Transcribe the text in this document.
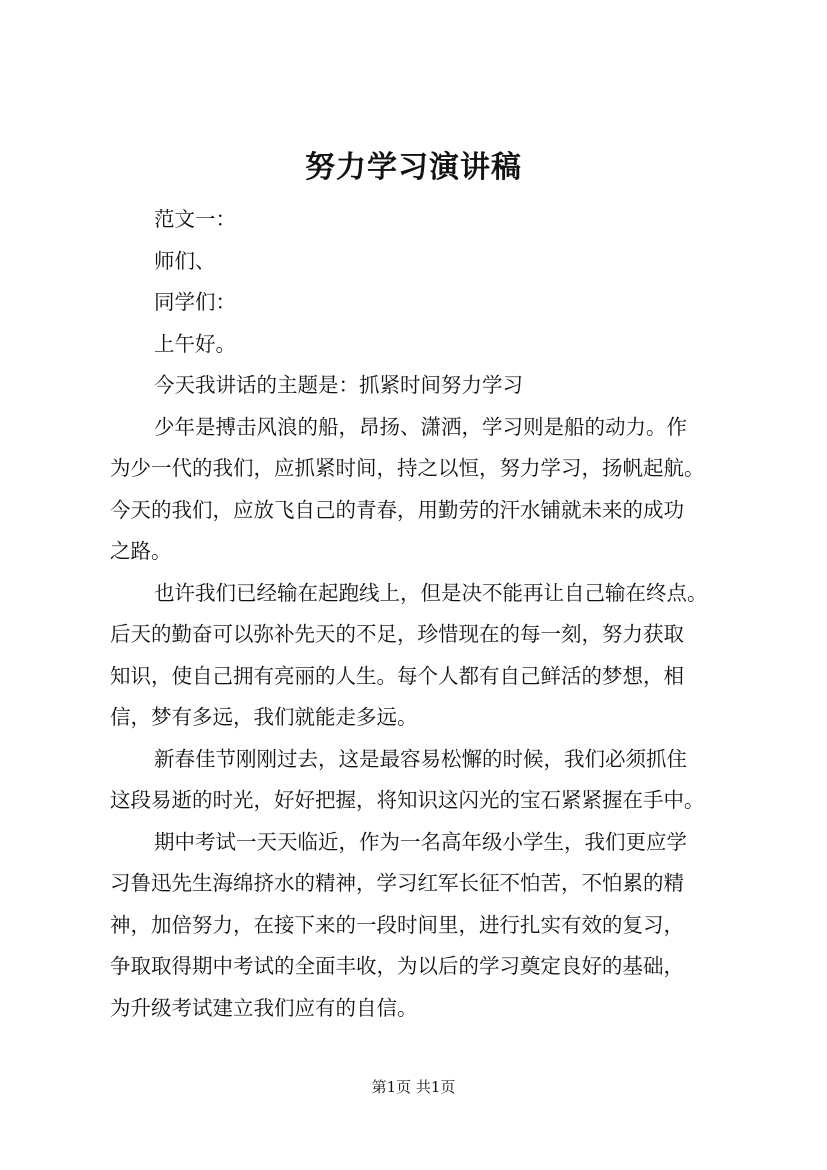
努力学习演讲稿
范文一：
师们、
同学们：
上午好。
今天我讲话的主题是：抓紧时间努力学习
少年是搏击风浪的船，昂扬、潇洒，学习则是船的动力。作
为少一代的我们，应抓紧时间，持之以恒，努力学习，扬帆起航。
今天的我们，应放飞自己的青春，用勤劳的汗水铺就未来的成功
之路。
也许我们已经输在起跑线上，但是决不能再让自己输在终点。
后天的勤奋可以弥补先天的不足，珍惜现在的每一刻，努力获取
知识，使自己拥有亮丽的人生。每个人都有自己鲜活的梦想，相
信，梦有多远，我们就能走多远。
新春佳节刚刚过去，这是最容易松懈的时候，我们必须抓住
这段易逝的时光，好好把握，将知识这闪光的宝石紧紧握在手中。
期中考试一天天临近，作为一名高年级小学生，我们更应学
习鲁迅先生海绵挤水的精神，学习红军长征不怕苦，不怕累的精
神，加倍努力，在接下来的一段时间里，进行扎实有效的复习，
争取取得期中考试的全面丰收，为以后的学习奠定良好的基础，
为升级考试建立我们应有的自信。
第1页 共1页
